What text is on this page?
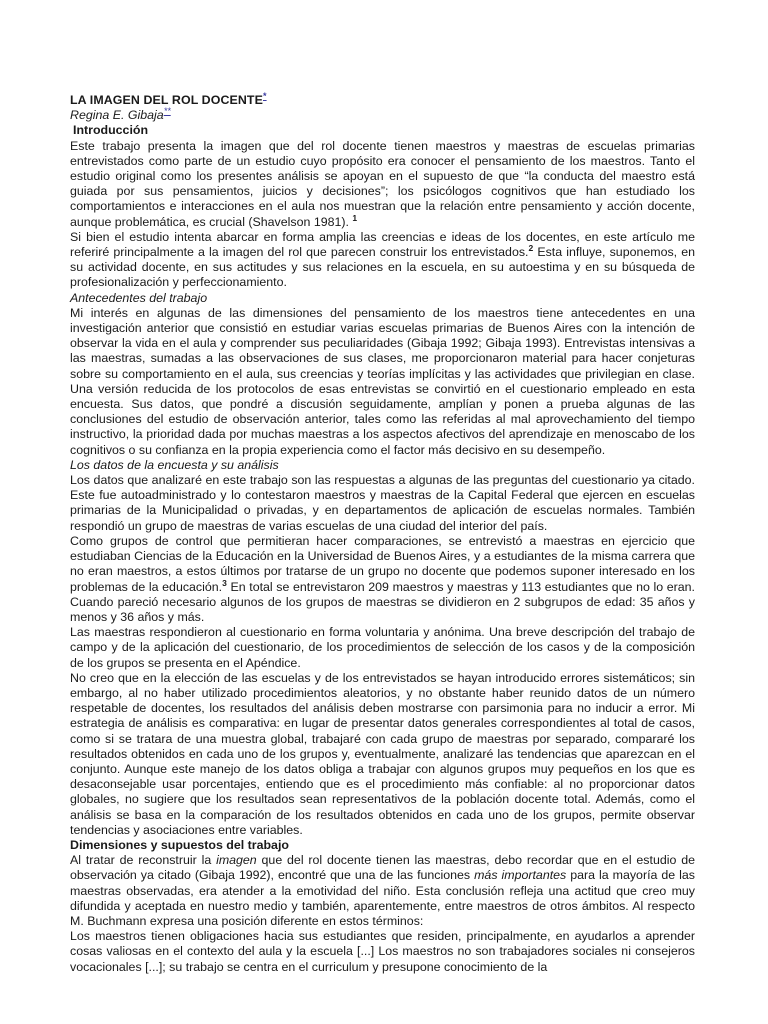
LA IMAGEN DEL ROL DOCENTE*
Regina E. Gibaja**
Introducción

Este trabajo presenta la imagen que del rol docente tienen maestros y maestras de escuelas primarias entrevistados como parte de un estudio cuyo propósito era conocer el pensamiento de los maestros. Tanto el estudio original como los presentes análisis se apoyan en el supuesto de que “la conducta del maestro está guiada por sus pensamientos, juicios y decisiones”; los psicólogos cognitivos que han estudiado los comportamientos e interacciones en el aula nos muestran que la relación entre pensamiento y acción docente, aunque problemática, es crucial (Shavelson 1981). $^1$

Si bien el estudio intenta abarcar en forma amplia las creencias e ideas de los docentes, en este artículo me referiré principalmente a la imagen del rol que parecen construir los entrevistados.$^2$ Esta influye, suponemos, en su actividad docente, en sus actitudes y sus relaciones en la escuela, en su autoestima y en su búsqueda de profesionalización y perfeccionamiento.

Antecedentes del trabajo

Mi interés en algunas de las dimensiones del pensamiento de los maestros tiene antecedentes en una investigación anterior que consistió en estudiar varias escuelas primarias de Buenos Aires con la intención de observar la vida en el aula y comprender sus peculiaridades (Gibaja 1992; Gibaja 1993). Entrevistas intensivas a las maestras, sumadas a las observaciones de sus clases, me proporcionaron material para hacer conjeturas sobre su comportamiento en el aula, sus creencias y teorías implícitas y las actividades que privilegian en clase. Una versión reducida de los protocolos de esas entrevistas se convirtió en el cuestionario empleado en esta encuesta. Sus datos, que pondré a discusión seguidamente, amplían y ponen a prueba algunas de las conclusiones del estudio de observación anterior, tales como las referidas al mal aprovechamiento del tiempo instructivo, la prioridad dada por muchas maestras a los aspectos afectivos del aprendizaje en menoscabo de los cognitivos o su confianza en la propia experiencia como el factor más decisivo en su desempeño.

Los datos de la encuesta y su análisis

Los datos que analizaré en este trabajo son las respuestas a algunas de las preguntas del cuestionario ya citado. Este fue autoadministrado y lo contestaron maestros y maestras de la Capital Federal que ejercen en escuelas primarias de la Municipalidad o privadas, y en departamentos de aplicación de escuelas normales. También respondió un grupo de maestras de varias escuelas de una ciudad del interior del país.

Como grupos de control que permitieran hacer comparaciones, se entrevistó a maestras en ejercicio que estudiaban Ciencias de la Educación en la Universidad de Buenos Aires, y a estudiantes de la misma carrera que no eran maestros, a estos últimos por tratarse de un grupo no docente que podemos suponer interesado en los problemas de la educación.$^3$ En total se entrevistaron 209 maestros y maestras y 113 estudiantes que no lo eran. Cuando pareció necesario algunos de los grupos de maestras se dividieron en 2 subgrupos de edad: 35 años y menos y 36 años y más.

Las maestras respondieron al cuestionario en forma voluntaria y anónima. Una breve descripción del trabajo de campo y de la aplicación del cuestionario, de los procedimientos de selección de los casos y de la composición de los grupos se presenta en el Apéndice.

No creo que en la elección de las escuelas y de los entrevistados se hayan introducido errores sistemáticos; sin embargo, al no haber utilizado procedimientos aleatorios, y no obstante haber reunido datos de un número respetable de docentes, los resultados del análisis deben mostrarse con parsimonia para no inducir a error. Mi estrategia de análisis es comparativa: en lugar de presentar datos generales correspondientes al total de casos, como si se tratara de una muestra global, trabajaré con cada grupo de maestras por separado, compararé los resultados obtenidos en cada uno de los grupos y, eventualmente, analizaré las tendencias que aparezcan en el conjunto. Aunque este manejo de los datos obliga a trabajar con algunos grupos muy pequeños en los que es desaconsejable usar porcentajes, entiendo que es el procedimiento más confiable: al no proporcionar datos globales, no sugiere que los resultados sean representativos de la población docente total. Además, como el análisis se basa en la comparación de los resultados obtenidos en cada uno de los grupos, permite observar tendencias y asociaciones entre variables.

Dimensiones y supuestos del trabajo

Al tratar de reconstruir la imagen que del rol docente tienen las maestras, debo recordar que en el estudio de observación ya citado (Gibaja 1992), encontré que una de las funciones más importantes para la mayoría de las maestras observadas, era atender a la emotividad del niño. Esta conclusión refleja una actitud que creo muy difundida y aceptada en nuestro medio y también, aparentemente, entre maestros de otros ámbitos. Al respecto M. Buchmann expresa una posición diferente en estos términos:

Los maestros tienen obligaciones hacia sus estudiantes que residen, principalmente, en ayudarlos a aprender cosas valiosas en el contexto del aula y la escuela [...] Los maestros no son trabajadores sociales ni consejeros vocacionales [...]; su trabajo se centra en el curriculum y presupone conocimiento de la
